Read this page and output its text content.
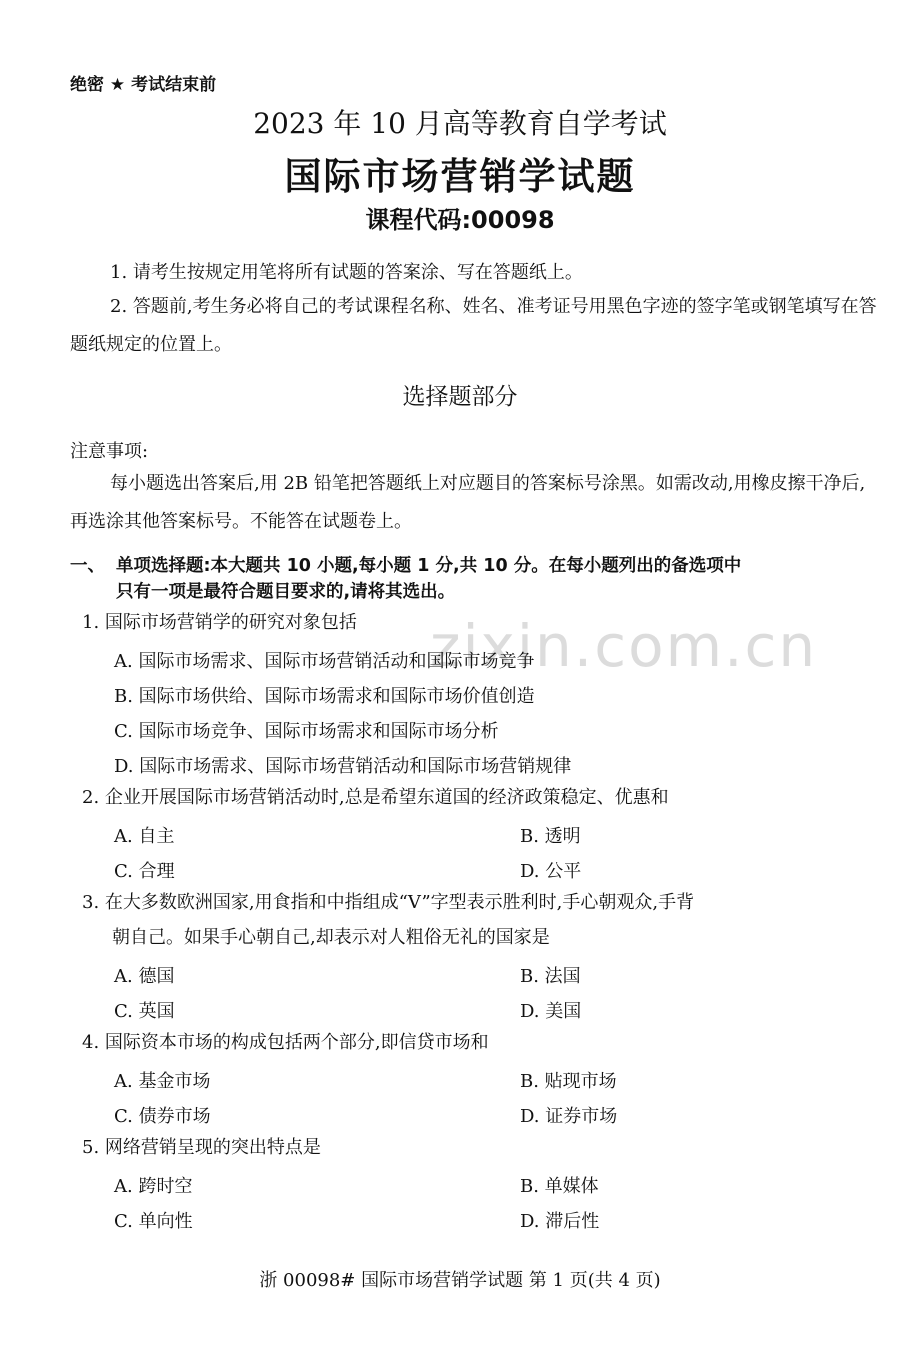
绝密 ★ 考试结束前
2023 年 10 月高等教育自学考试
国际市场营销学试题
课程代码:00098
1. 请考生按规定用笔将所有试题的答案涂、写在答题纸上。
2. 答题前,考生务必将自己的考试课程名称、姓名、准考证号用黑色字迹的签字笔或钢笔填写在答题纸规定的位置上。
选择题部分
注意事项:
每小题选出答案后,用 2B 铅笔把答题纸上对应题目的答案标号涂黑。如需改动,用橡皮擦干净后,再选涂其他答案标号。不能答在试题卷上。
一、 单项选择题:本大题共 10 小题,每小题 1 分,共 10 分。在每小题列出的备选项中
只有一项是最符合题目要求的,请将其选出。
zixin.com.cn
1. 国际市场营销学的研究对象包括
A. 国际市场需求、国际市场营销活动和国际市场竞争
B. 国际市场供给、国际市场需求和国际市场价值创造
C. 国际市场竞争、国际市场需求和国际市场分析
D. 国际市场需求、国际市场营销活动和国际市场营销规律
2. 企业开展国际市场营销活动时,总是希望东道国的经济政策稳定、优惠和
A. 自主	B. 透明
C. 合理	D. 公平
3. 在大多数欧洲国家,用食指和中指组成“V”字型表示胜利时,手心朝观众,手背
朝自己。如果手心朝自己,却表示对人粗俗无礼的国家是
A. 德国	B. 法国
C. 英国	D. 美国
4. 国际资本市场的构成包括两个部分,即信贷市场和
A. 基金市场	B. 贴现市场
C. 债券市场	D. 证券市场
5. 网络营销呈现的突出特点是
A. 跨时空	B. 单媒体
C. 单向性	D. 滞后性
浙 00098# 国际市场营销学试题 第 1 页(共 4 页)
